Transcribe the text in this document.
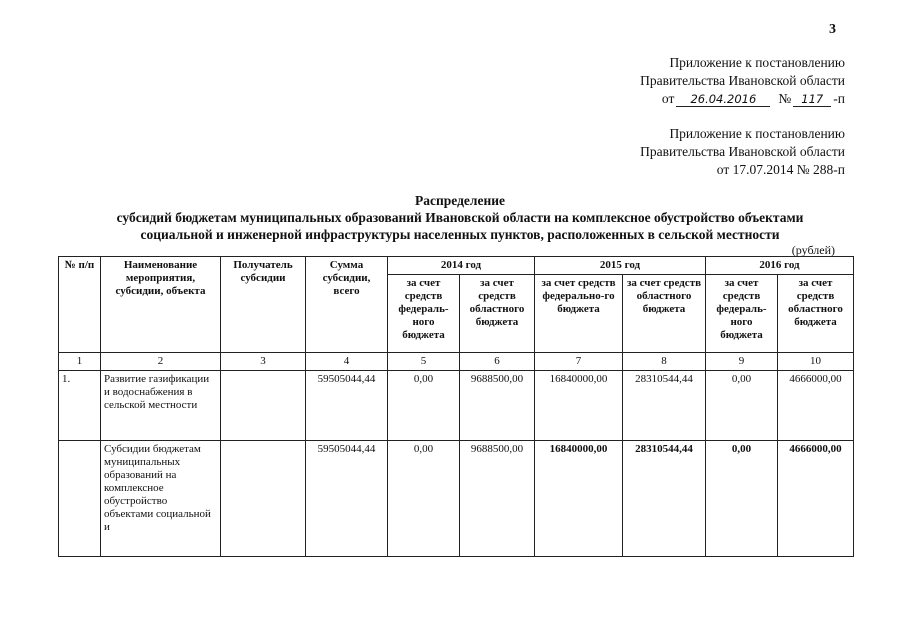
3
Приложение к постановлению
Правительства Ивановской области
от	26.04.2016	№ 117 -п
Приложение к постановлению
Правительства Ивановской области
от 17.07.2014 № 288-п
Распределение
субсидий бюджетам муниципальных образований Ивановской области на комплексное обустройство объектами
социальной и инженерной инфраструктуры населенных пунктов, расположенных в сельской местности
(рублей)
№ п/п	Наименование мероприятия, субсидии, объекта	Получатель субсидии	Сумма субсидии, всего	2014 год		2015 год		2016 год	
				за счет средств федераль-ного бюджета	за счет средств областного бюджета	за счет средств федерально-го бюджета	за счет средств областного бюджета	за счет средств федераль-ного бюджета	за счет средств областного бюджета
1	2	3	4	5	6	7	8	9	10
1.	Развитие газификации и водоснабжения в сельской местности		59505044,44	0,00	9688500,00	16840000,00	28310544,44	0,00	4666000,00
	Субсидии бюджетам муниципальных образований на комплексное обустройство объектами социальной и		59505044,44	0,00	9688500,00	16840000,00	28310544,44	0,00	4666000,00
